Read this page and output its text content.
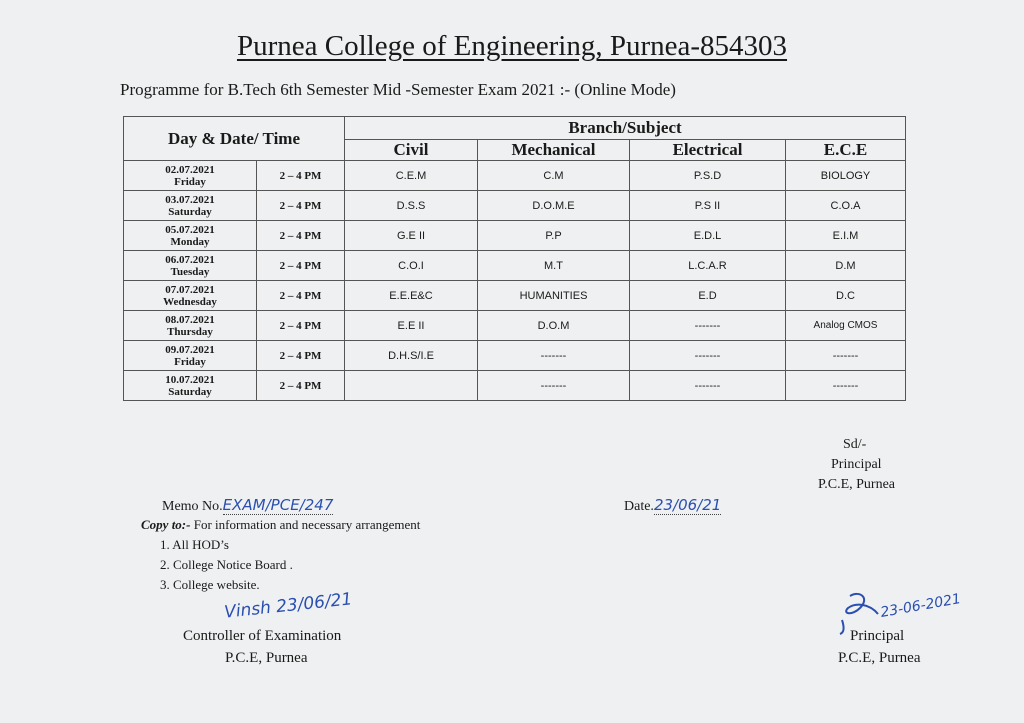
Purnea College of Engineering, Purnea-854303
Programme for B.Tech 6th Semester Mid -Semester Exam 2021 :- (Online Mode)
Day & Date/ Time		Branch/Subject			
		Civil	Mechanical	Electrical	E.C.E

02.07.2021
Friday	2 – 4 PM	C.E.M	C.M	P.S.D	BIOLOGY

03.07.2021
Saturday	2 – 4 PM	D.S.S	D.O.M.E	P.S II	C.O.A

05.07.2021
Monday	2 – 4 PM	G.E II	P.P	E.D.L	E.I.M

06.07.2021
Tuesday	2 – 4 PM	C.O.I	M.T	L.C.A.R	D.M

07.07.2021
Wednesday	2 – 4 PM	E.E.E&C	HUMANITIES	E.D	D.C

08.07.2021
Thursday	2 – 4 PM	E.E II	D.O.M	-------	Analog CMOS

09.07.2021
Friday	2 – 4 PM	D.H.S/I.E	-------	-------	-------

10.07.2021
Saturday	2 – 4 PM		-------	-------	-------
Sd/-
Principal
P.C.E, Purnea
Memo No.EXAM/PCE/247	Date.23/06/21
Copy to:- For information and necessary arrangement
1. All HOD’s
2. College Notice Board .
3. College website.
Vinsh 23/06/21
Controller of Examination
P.C.E, Purnea
23-06-2021
Principal
P.C.E, Purnea
